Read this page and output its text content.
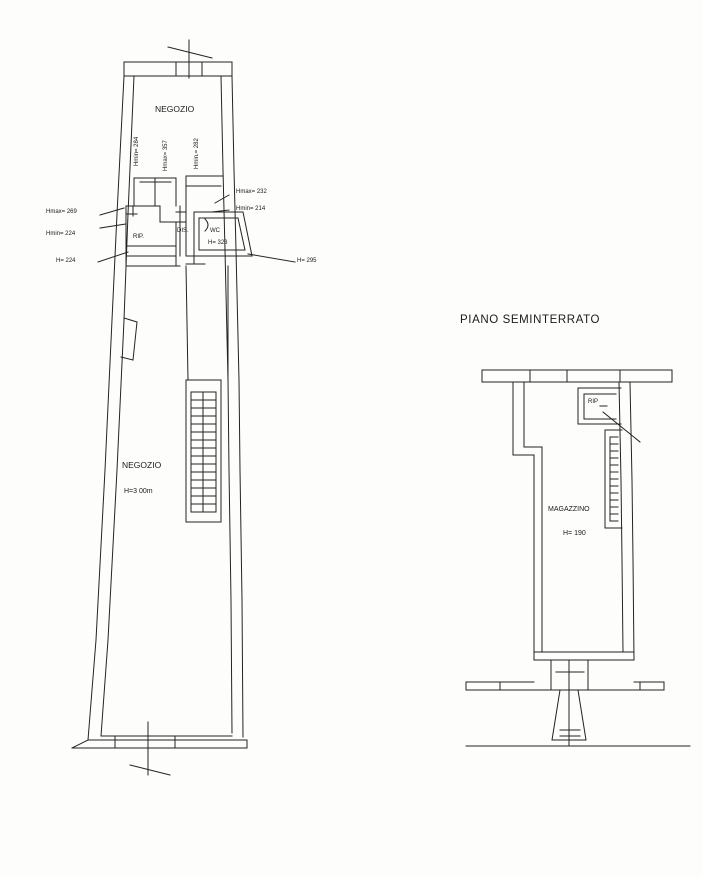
NEGOZIO
Hmin= 284	Hmax= 357	Hmin.= 282
Hmax= 232
Hmin= 214
Hmax= 269
Hmin= 224
H= 224
RIP.
DIS.	WC
H= 323
H= 295
NEGOZIO
H=3 00m
PIANO SEMINTERRATO
RIP
MAGAZZINO
H= 190
